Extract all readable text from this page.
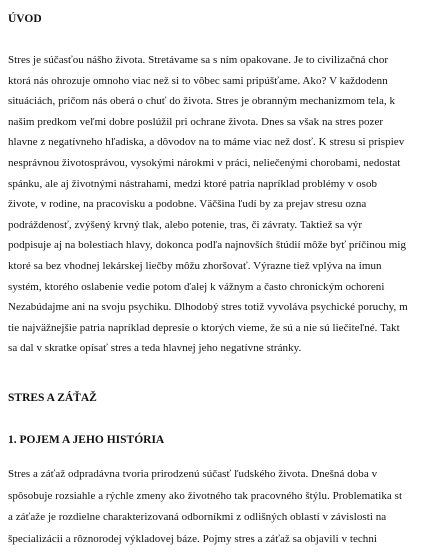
ÚVOD
Stres je súčasťou nášho života. Stretávame sa s ním opakovane. Je to civilizačná chor
ktorá nás ohrozuje omnoho viac než si to vôbec sami pripúšťame. Ako? V každodenn
situáciách, pričom nás oberá o chuť do života. Stres je obranným mechanizmom tela, k
našim predkom veľmi dobre poslúžil pri ochrane života. Dnes sa však na stres pozer
hlavne z negatívneho hľadiska, a dôvodov na to máme viac než dosť. K stresu si prispiev
nesprávnou životosprávou, vysokými nárokmi v práci, neliečenými chorobami, nedostat
spánku, ale aj životnými nástrahami, medzi ktoré patria napríklad problémy v osob
živote, v rodine, na pracovisku a podobne. Väčšina ľudí by za prejav stresu ozna
podráždenosť, zvýšený krvný tlak, alebo potenie, tras, či závraty. Taktiež sa výr
podpisuje aj na bolestiach hlavy, dokonca podľa najnovších štúdií môže byť príčinou mig
ktoré sa bez vhodnej lekárskej liečby môžu zhoršovať. Výrazne tiež vplýva na imun
systém, ktorého oslabenie vedie potom ďalej k vážnym a často chronickým ochoreni
Nezabúdajme ani na svoju psychiku. Dlhodobý stres totiž vyvoláva psychické poruchy, m
tie najväžnejšie patria napríklad depresie o ktorých vieme, že sú a nie sú liečiteľné. Takt
sa dal v skratke opísať stres a teda hlavnej jeho negatívne stránky.
STRES A ZÁŤAŽ
1. POJEM A JEHO HISTÓRIA
Stres a záťaž odpradávna tvoria prirodzenú súčasť ľudského života. Dnešná doba v
spôsobuje rozsiahle a rýchle zmeny ako životného tak pracovného štýlu. Problematika st
a záťaže je rozdielne charakterizovaná odborníkmi z odlišných oblastí v závislosti na
špecializácii a rôznorodej výkladovej báze. Pojmy stres a záťaž sa objavili v techni
